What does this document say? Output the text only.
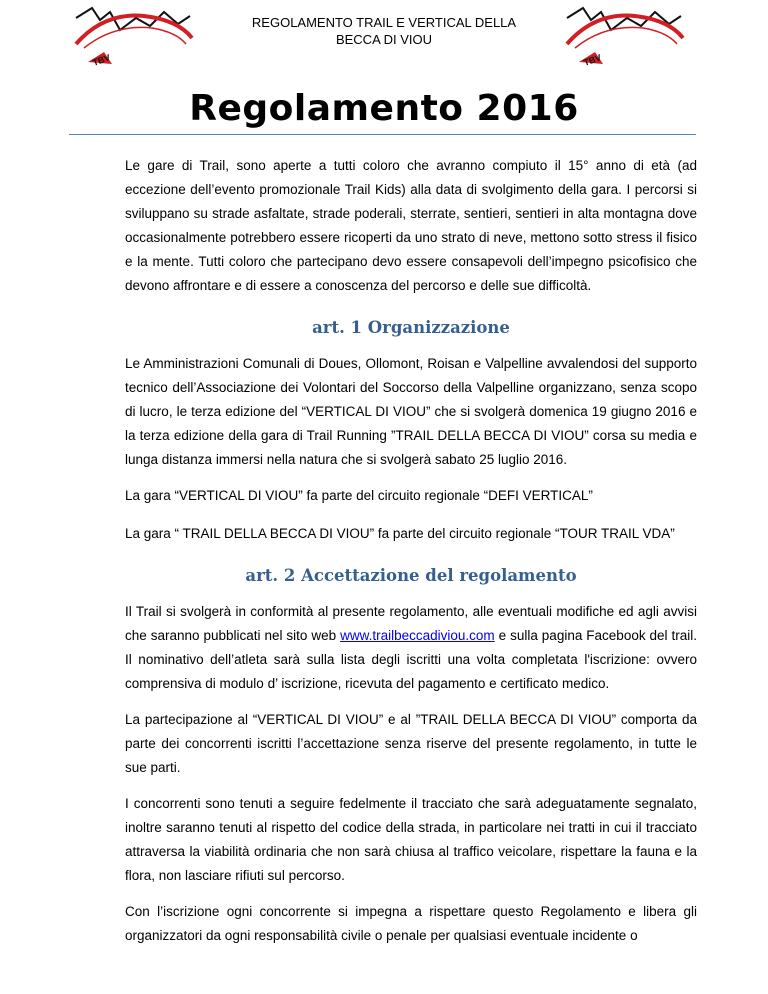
TBV
REGOLAMENTO TRAIL E VERTICAL DELLA
BECCA DI VIOU
TBV
Regolamento 2016

Le gare di Trail, sono aperte a tutti coloro che avranno compiuto il 15° anno di età (ad eccezione dell’evento promozionale Trail Kids) alla data di svolgimento della gara. I percorsi si sviluppano su strade asfaltate, strade poderali, sterrate, sentieri, sentieri in alta montagna dove occasionalmente potrebbero essere ricoperti da uno strato di neve, mettono sotto stress il fisico e la mente. Tutti coloro che partecipano devo essere consapevoli dell’impegno psicofisico che devono affrontare e di essere a conoscenza del percorso e delle sue difficoltà.

art. 1 Organizzazione

Le Amministrazioni Comunali di Doues, Ollomont, Roisan e Valpelline avvalendosi del supporto tecnico dell’Associazione dei Volontari del Soccorso della Valpelline organizzano, senza scopo di lucro, le terza edizione del “VERTICAL DI VIOU” che si svolgerà domenica 19 giugno 2016 e la terza edizione della gara di Trail Running ”TRAIL DELLA BECCA DI VIOU” corsa su media e lunga distanza immersi nella natura che si svolgerà sabato 25 luglio 2016.

La gara “VERTICAL DI VIOU” fa parte del circuito regionale “DEFI VERTICAL”

La gara “ TRAIL DELLA BECCA DI VIOU” fa parte del circuito regionale “TOUR TRAIL VDA”

art. 2 Accettazione del regolamento

Il Trail si svolgerà in conformità al presente regolamento, alle eventuali modifiche ed agli avvisi che saranno pubblicati nel sito web www.trailbeccadiviou.com e sulla pagina Facebook del trail. Il nominativo dell’atleta sarà sulla lista degli iscritti una volta completata l'iscrizione: ovvero comprensiva di modulo d’ iscrizione, ricevuta del pagamento e certificato medico.

La partecipazione al “VERTICAL DI VIOU” e al ”TRAIL DELLA BECCA DI VIOU” comporta da parte dei concorrenti iscritti l’accettazione senza riserve del presente regolamento, in tutte le sue parti.

I concorrenti sono tenuti a seguire fedelmente il tracciato che sarà adeguatamente segnalato, inoltre saranno tenuti al rispetto del codice della strada, in particolare nei tratti in cui il tracciato attraversa la viabilità ordinaria che non sarà chiusa al traffico veicolare, rispettare la fauna e la flora, non lasciare rifiuti sul percorso.

Con l’iscrizione ogni concorrente si impegna a rispettare questo Regolamento e libera gli organizzatori da ogni responsabilità civile o penale per qualsiasi eventuale incidente o
